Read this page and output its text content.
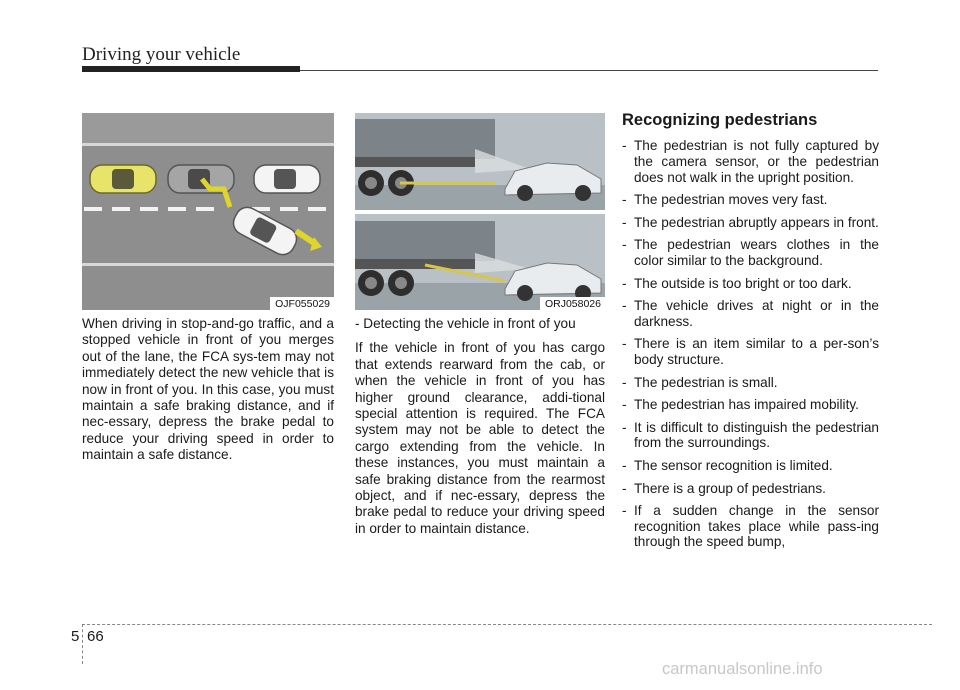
Driving your vehicle
OJF055029	ORJ058026

When driving in stop-and-go traffic, and a stopped vehicle in front of you merges out of the lane, the FCA sys-tem may not immediately detect the new vehicle that is now in front of you. In this case, you must maintain a safe braking distance, and if nec-essary, depress the brake pedal to reduce your driving speed in order to maintain a safe distance.

- Detecting the vehicle in front of you

If the vehicle in front of you has cargo that extends rearward from the cab, or when the vehicle in front of you has higher ground clearance, addi-tional special attention is required. The FCA system may not be able to detect the cargo extending from the vehicle. In these instances, you must maintain a safe braking distance from the rearmost object, and if nec-essary, depress the brake pedal to reduce your driving speed in order to maintain distance.

Recognizing pedestrians
- The pedestrian is not fully captured by the camera sensor, or the pedestrian does not walk in the upright position.
- The pedestrian moves very fast.
- The pedestrian abruptly appears in front.
- The pedestrian wears clothes in the color similar to the background.
- The outside is too bright or too dark.
- The vehicle drives at night or in the darkness.
- There is an item similar to a per-son’s body structure.
- The pedestrian is small.
- The pedestrian has impaired mobility.
- It is difficult to distinguish the pedestrian from the surroundings.
- The sensor recognition is limited.
- There is a group of pedestrians.
- If a sudden change in the sensor recognition takes place while pass-ing through the speed bump,
5 66
carmanualsonline.info
